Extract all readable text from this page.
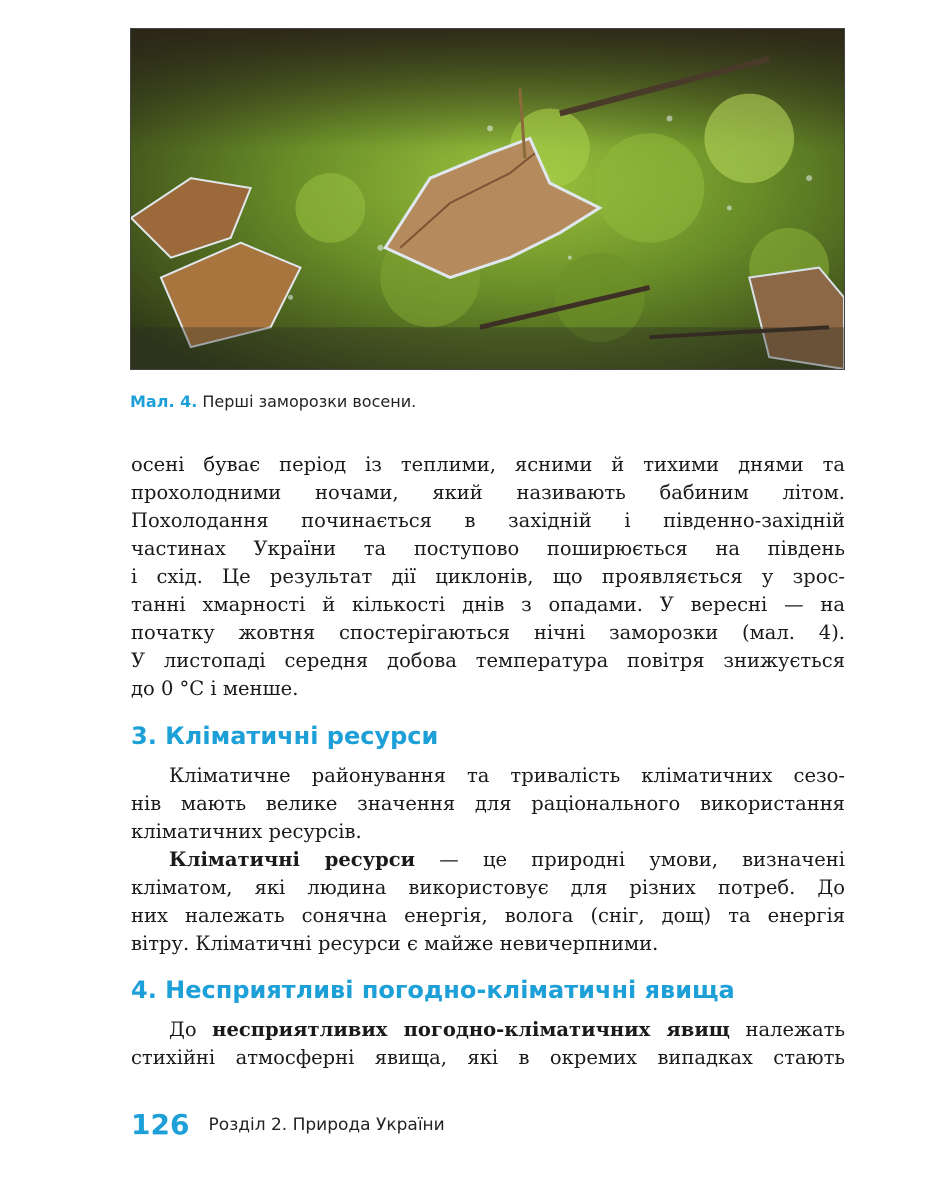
Мал. 4. Перші заморозки восени.
осені буває період із теплими, ясними й тихими днями та
прохолодними ночами, який називають бабиним літом.
Похолодання починається в західній і південно-західній
частинах України та поступово поширюється на південь
і схід. Це результат дії циклонів, що проявляється у зрос-
танні хмарності й кількості днів з опадами. У вересні — на
початку жовтня спостерігаються нічні заморозки (мал. 4).
У листопаді середня добова температура повітря знижується
до 0 °C і менше.
3. Кліматичні ресурси
Кліматичне районування та тривалість кліматичних сезо-
нів мають велике значення для раціонального використання
кліматичних ресурсів.
Кліматичні ресурси — це природні умови, визначені
кліматом, які людина використовує для різних потреб. До
них належать сонячна енергія, волога (сніг, дощ) та енергія
вітру. Кліматичні ресурси є майже невичерпними.
4. Несприятливі погодно-кліматичні явища
До несприятливих погодно-кліматичних явищ належать
стихійні атмосферні явища, які в окремих випадках стають
126 Розділ 2. Природа України
